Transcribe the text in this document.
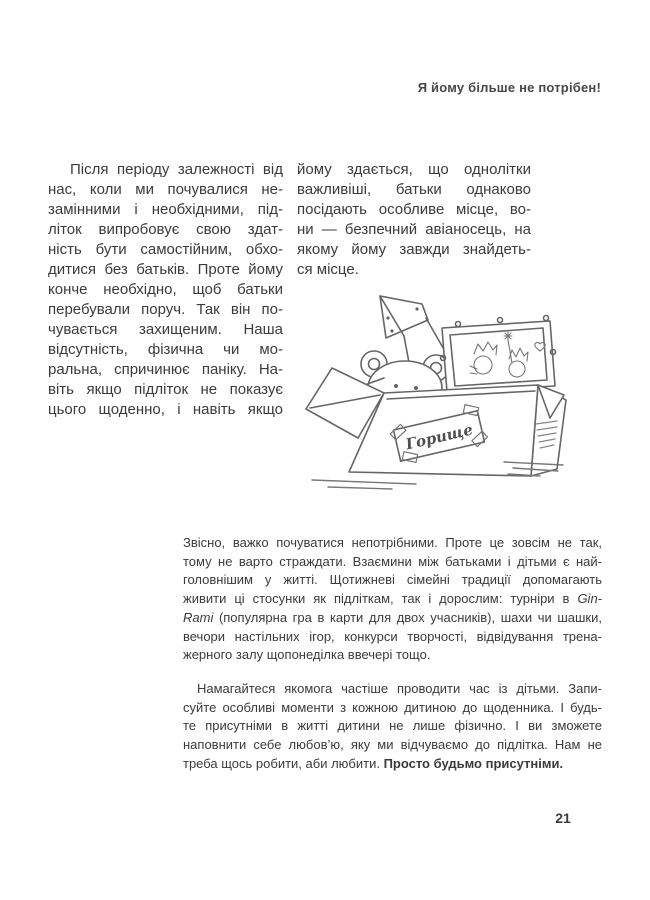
Я йому більше не потрібен!
Після періоду залежності від
нас, коли ми почувалися не-
замінними і необхідними, під-
літок випробовує свою здат-
ність бути самостійним, обхо-
дитися без батьків. Проте йому
конче необхідно, щоб батьки
перебували поруч. Так він по-
чувається захищеним. Наша
відсутність, фізична чи мо-
ральна, спричинює паніку. На-
віть якщо підліток не показує
цього щоденно, і навіть якщо
йому здається, що однолітки
важливіші, батьки однаково
посідають особливе місце, во-
ни — безпечний авіаносець, на
якому йому завжди знайдеть-
ся місце.
Горище
Звісно, важко почуватися непотрібними. Проте це зовсім не так,
тому не варто страждати. Взаємини між батьками і дітьми є най-
головнішим у житті. Щотижневі сімейні традиції допомагають
живити ці стосунки як підліткам, так і дорослим: турніри в Gin-
Rami (популярна гра в карти для двох учасників), шахи чи шашки,
вечори настільних ігор, конкурси творчості, відвідування трена-
жерного залу щопонеділка ввечері тощо.
Намагайтеся якомога частіше проводити час із дітьми. Запи-
суйте особливі моменти з кожною дитиною до щоденника. І будь-
те присутніми в житті дитини не лише фізично. І ви зможете
наповнити себе любов’ю, яку ми відчуваємо до підлітка. Нам не
треба щось робити, аби любити. Просто будьмо присутніми.
21
